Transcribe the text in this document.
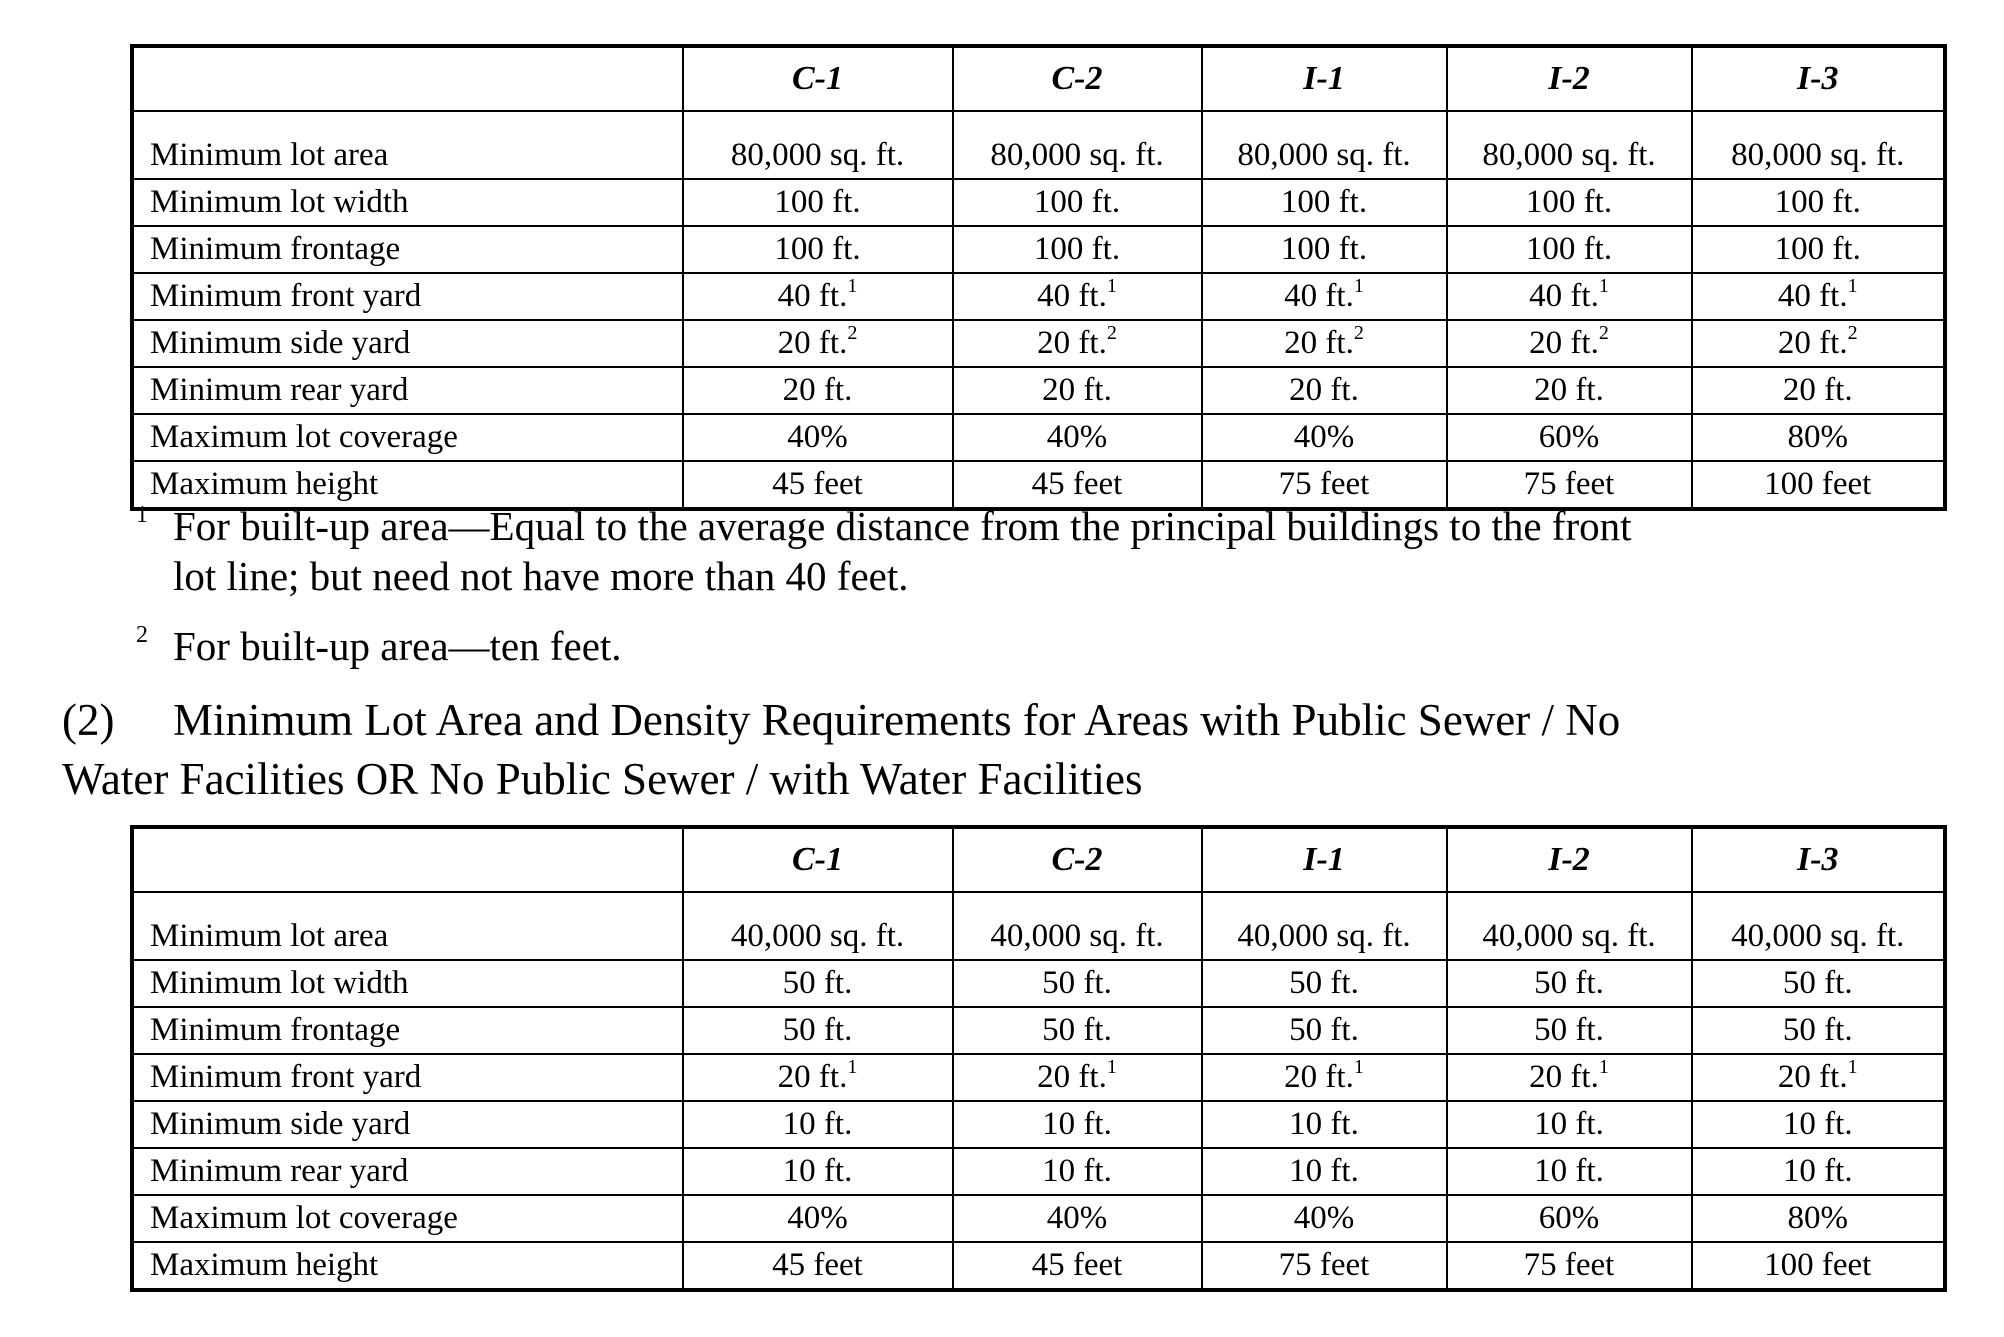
	C-1	C-2	I-1	I-2	I-3
Minimum lot area	80,000 sq. ft.	80,000 sq. ft.	80,000 sq. ft.	80,000 sq. ft.	80,000 sq. ft.
Minimum lot width	100 ft.	100 ft.	100 ft.	100 ft.	100 ft.
Minimum frontage	100 ft.	100 ft.	100 ft.	100 ft.	100 ft.
Minimum front yard	40 ft.$^1$	40 ft.$^1$	40 ft.$^1$	40 ft.$^1$	40 ft.$^1$
Minimum side yard	20 ft.$^2$	20 ft.$^2$	20 ft.$^2$	20 ft.$^2$	20 ft.$^2$
Minimum rear yard	20 ft.	20 ft.	20 ft.	20 ft.	20 ft.
Maximum lot coverage	40%	40%	40%	60%	80%
Maximum height	45 feet	45 feet	75 feet	75 feet	100 feet
1 For built-up area—Equal to the average distance from the principal buildings to the front
lot line; but need not have more than 40 feet.
2 For built-up area—ten feet.
(2) Minimum Lot Area and Density Requirements for Areas with Public Sewer / No
Water Facilities OR No Public Sewer / with Water Facilities
	C-1	C-2	I-1	I-2	I-3
Minimum lot area	40,000 sq. ft.	40,000 sq. ft.	40,000 sq. ft.	40,000 sq. ft.	40,000 sq. ft.
Minimum lot width	50 ft.	50 ft.	50 ft.	50 ft.	50 ft.
Minimum frontage	50 ft.	50 ft.	50 ft.	50 ft.	50 ft.
Minimum front yard	20 ft.$^1$	20 ft.$^1$	20 ft.$^1$	20 ft.$^1$	20 ft.$^1$
Minimum side yard	10 ft.	10 ft.	10 ft.	10 ft.	10 ft.
Minimum rear yard	10 ft.	10 ft.	10 ft.	10 ft.	10 ft.
Maximum lot coverage	40%	40%	40%	60%	80%
Maximum height	45 feet	45 feet	75 feet	75 feet	100 feet
